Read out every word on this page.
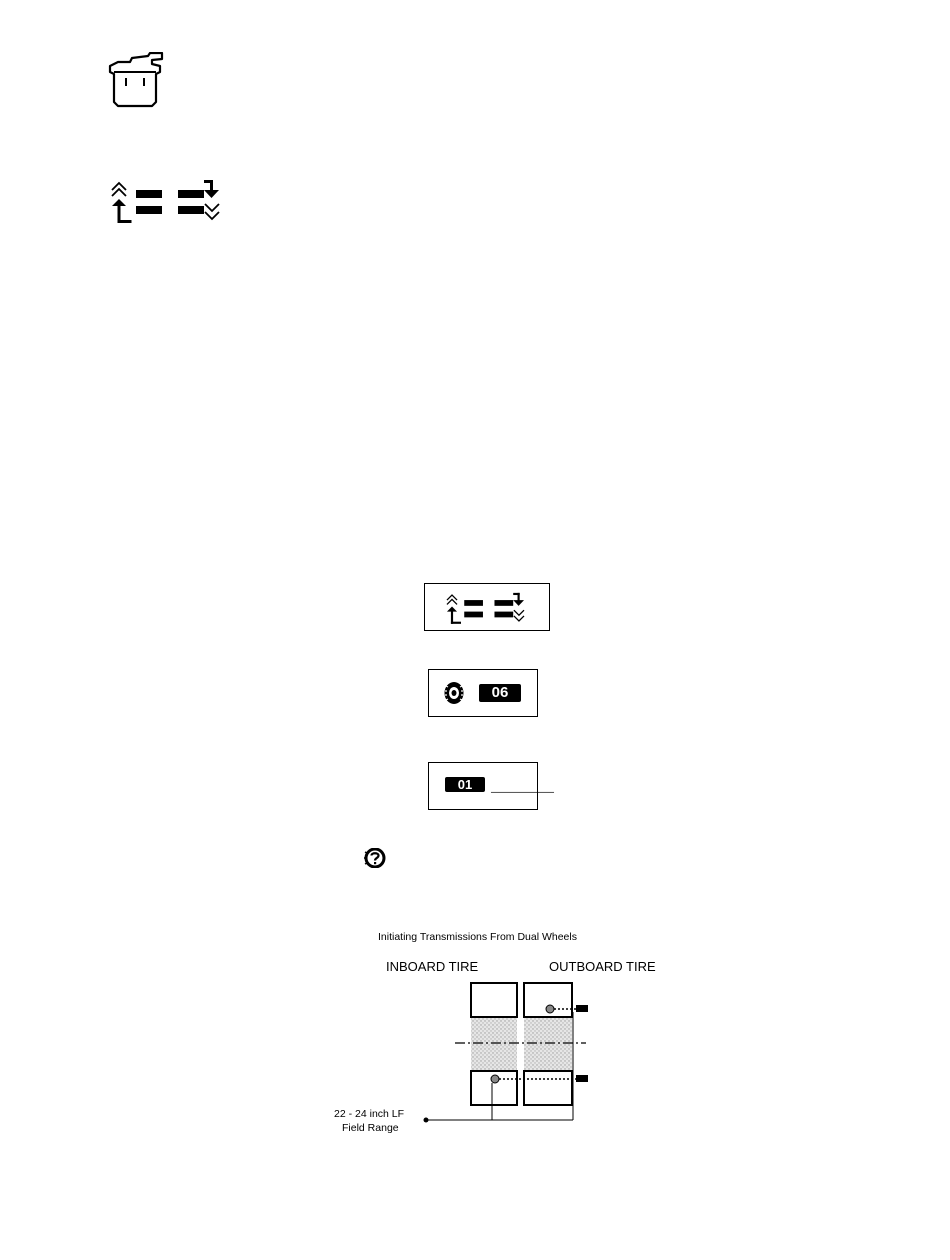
06
01	_______
Initiating Transmissions From Dual Wheels
INBOARD TIRE	OUTBOARD TIRE
22 - 24 inch LF
Field Range
